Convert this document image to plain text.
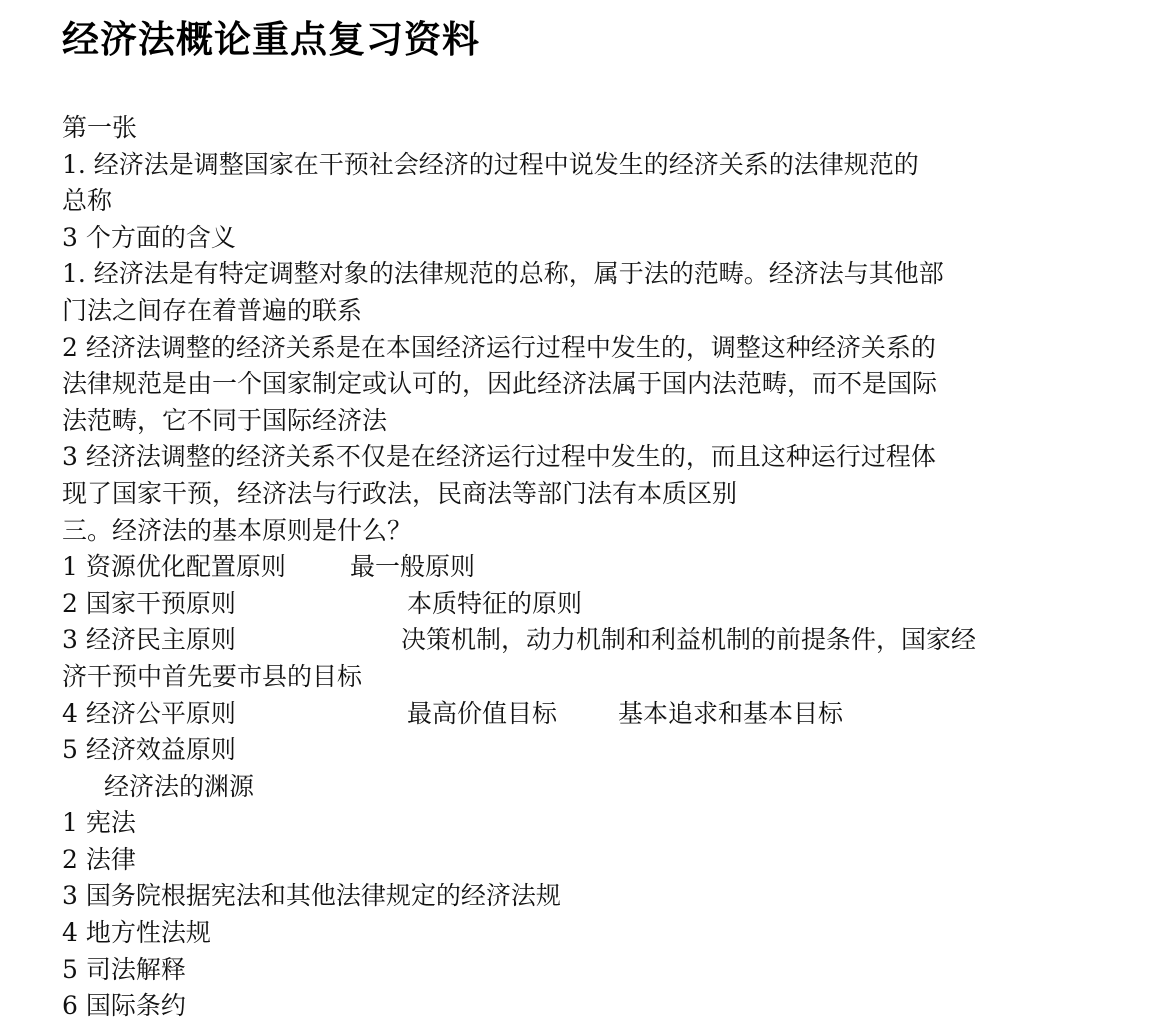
经济法概论重点复习资料
第一张
1. 经济法是调整国家在干预社会经济的过程中说发生的经济关系的法律规范的
总称
3 个方面的含义
1. 经济法是有特定调整对象的法律规范的总称，属于法的范畴。经济法与其他部
门法之间存在着普遍的联系
2 经济法调整的经济关系是在本国经济运行过程中发生的，调整这种经济关系的
法律规范是由一个国家制定或认可的，因此经济法属于国内法范畴，而不是国际
法范畴，它不同于国际经济法
3 经济法调整的经济关系不仅是在经济运行过程中发生的，而且这种运行过程体
现了国家干预，经济法与行政法，民商法等部门法有本质区别
三。经济法的基本原则是什么？
1 资源优化配置原则	最一般原则
2 国家干预原则	本质特征的原则
3 经济民主原则	决策机制，动力机制和利益机制的前提条件，国家经
济干预中首先要市县的目标
4 经济公平原则	最高价值目标 基本追求和基本目标
5 经济效益原则
经济法的渊源
1 宪法
2 法律
3 国务院根据宪法和其他法律规定的经济法规
4 地方性法规
5 司法解释
6 国际条约
